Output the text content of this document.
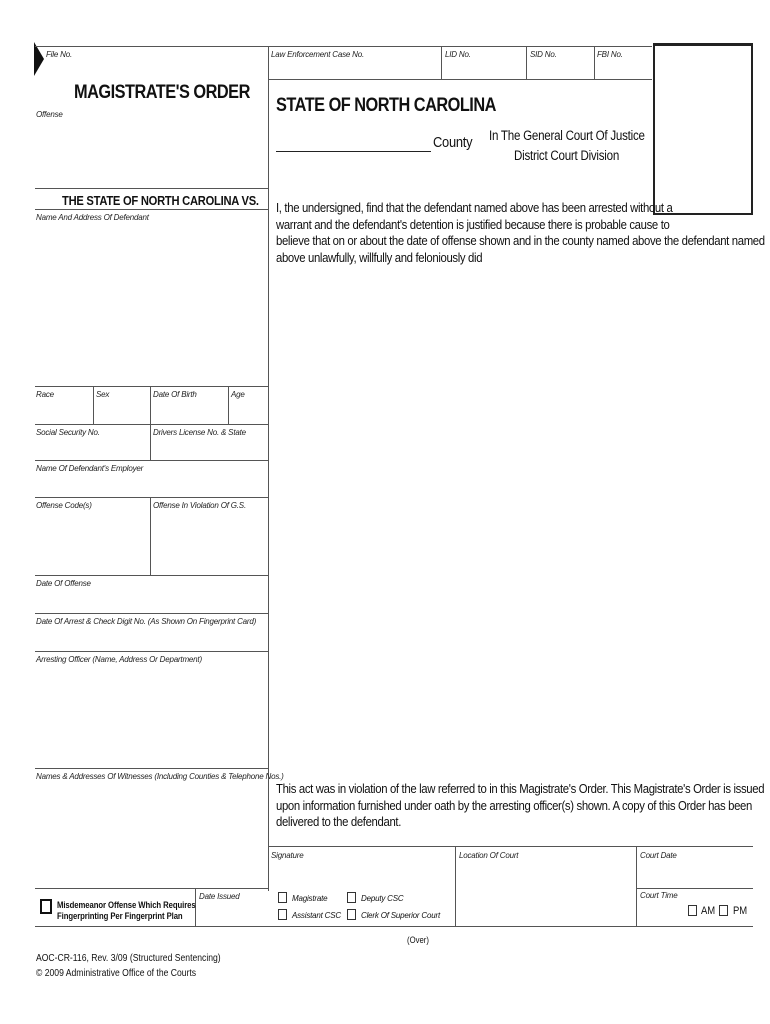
File No.	Law Enforcement Case No.	LID No.	SID No.	FBI No.
MAGISTRATE'S ORDER
Offense
THE STATE OF NORTH CAROLINA VS.
Name And Address Of Defendant
Race	Sex	Date Of Birth	Age
Social Security No.	Drivers License No. & State
Name Of Defendant's Employer
Offense Code(s)	Offense In Violation Of G.S.
Date Of Offense
Date Of Arrest & Check Digit No. (As Shown On Fingerprint Card)
Arresting Officer (Name, Address Or Department)
Names & Addresses Of Witnesses (Including Counties & Telephone Nos.)
STATE OF NORTH CAROLINA
County In The General Court Of Justice
District Court Division
I, the undersigned, find that the defendant named above has been arrested without a
warrant and the defendant's detention is justified because there is probable cause to
believe that on or about the date of offense shown and in the county named above the defendant named
above unlawfully, willfully and feloniously did
This act was in violation of the law referred to in this Magistrate's Order. This Magistrate's Order is issued
upon information furnished under oath by the arresting officer(s) shown. A copy of this Order has been
delivered to the defendant.
Signature	Location Of Court	Court Date
Misdemeanor Offense Which Requires
Fingerprinting Per Fingerprint Plan
Date Issued	Magistrate	Deputy CSC
Assistant CSC	Clerk Of Superior Court
Court Time
AM PM
(Over)
AOC-CR-116, Rev. 3/09 (Structured Sentencing)
© 2009 Administrative Office of the Courts
